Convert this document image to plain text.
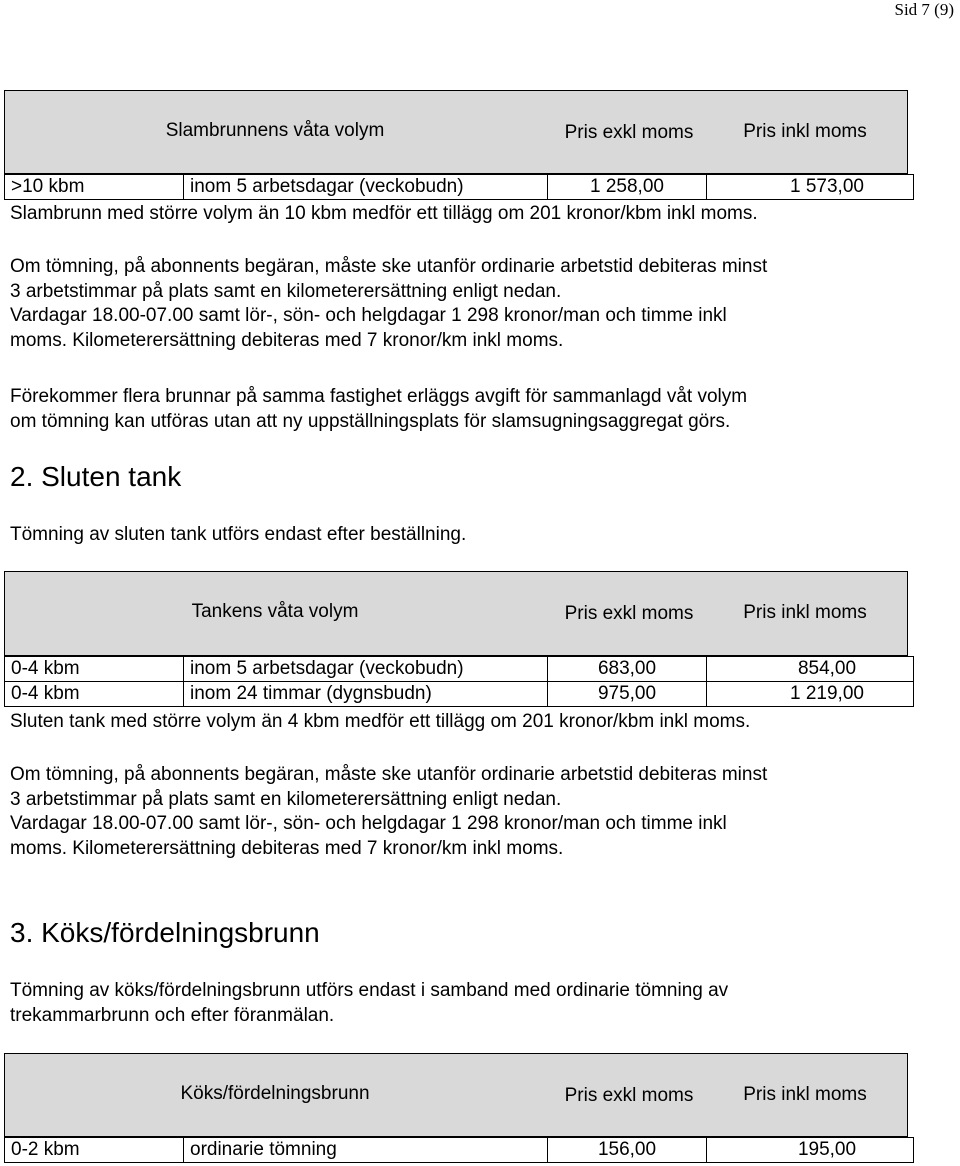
Sid 7 (9)
Slambrunnens våta volym	Pris exkl moms	Pris inkl moms
>10 kbm	inom 5 arbetsdagar (veckobudn)	1 258,00	1 573,00
Slambrunn med större volym än 10 kbm medför ett tillägg om 201 kronor/kbm inkl moms.
Om tömning, på abonnents begäran, måste ske utanför ordinarie arbetstid debiteras minst
3 arbetstimmar på plats samt en kilometerersättning enligt nedan.
Vardagar 18.00-07.00 samt lör-, sön- och helgdagar 1 298 kronor/man och timme inkl
moms. Kilometerersättning debiteras med 7 kronor/km inkl moms.
Förekommer flera brunnar på samma fastighet erläggs avgift för sammanlagd våt volym
om tömning kan utföras utan att ny uppställningsplats för slamsugningsaggregat görs.
2. Sluten tank
Tömning av sluten tank utförs endast efter beställning.
Tankens våta volym	Pris exkl moms	Pris inkl moms
0-4 kbm	inom 5 arbetsdagar (veckobudn)	683,00	854,00
0-4 kbm	inom 24 timmar (dygnsbudn)	975,00	1 219,00
Sluten tank med större volym än 4 kbm medför ett tillägg om 201 kronor/kbm inkl moms.
Om tömning, på abonnents begäran, måste ske utanför ordinarie arbetstid debiteras minst
3 arbetstimmar på plats samt en kilometerersättning enligt nedan.
Vardagar 18.00-07.00 samt lör-, sön- och helgdagar 1 298 kronor/man och timme inkl
moms. Kilometerersättning debiteras med 7 kronor/km inkl moms.
3. Köks/fördelningsbrunn
Tömning av köks/fördelningsbrunn utförs endast i samband med ordinarie tömning av
trekammarbrunn och efter föranmälan.
Köks/fördelningsbrunn	Pris exkl moms	Pris inkl moms
0-2 kbm	ordinarie tömning	156,00	195,00
